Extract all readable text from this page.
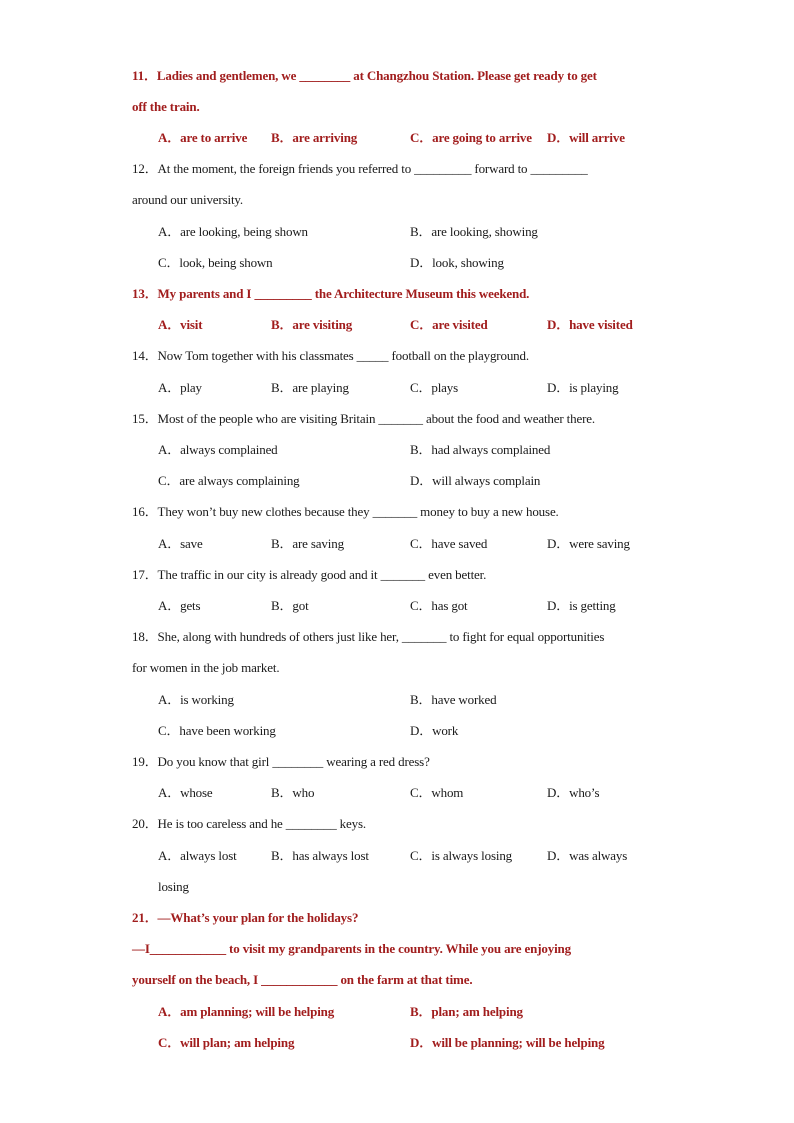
11．Ladies and gentlemen, we ________ at Changzhou Station. Please get ready to get
off the train.
A．are to arrive B．are arriving	C．are going to arrive D．will arrive
12．At the moment, the foreign friends you referred to _________ forward to _________
around our university.
A．are looking, being shown	B．are looking, showing
C．look, being shown	D．look, showing
13．My parents and I _________ the Architecture Museum this weekend.
A．visit	B．are visiting	C．are visited	D．have visited
14．Now Tom together with his classmates _____ football on the playground.
A．play	B．are playing	C．plays	D．is playing
15．Most of the people who are visiting Britain _______ about the food and weather there.
A．always complained	B．had always complained
C．are always complaining	D．will always complain
16．They won’t buy new clothes because they _______ money to buy a new house.
A．save	B．are saving	C．have saved	D．were saving
17．The traffic in our city is already good and it _______ even better.
A．gets	B．got	C．has got	D．is getting
18．She, along with hundreds of others just like her, _______ to fight for equal opportunities
for women in the job market.
A．is working	B．have worked
C．have been working	D．work
19．Do you know that girl ________ wearing a red dress?
A．whose	B．who	C．whom	D．who’s
20．He is too careless and he ________ keys.
A．always lost	B．has always lost	C．is always losing	D．was always
losing
21．—What’s your plan for the holidays?
—I____________ to visit my grandparents in the country. While you are enjoying
yourself on the beach, I ____________ on the farm at that time.
A．am planning; will be helping	B．plan; am helping
C．will plan; am helping	D．will be planning; will be helping
